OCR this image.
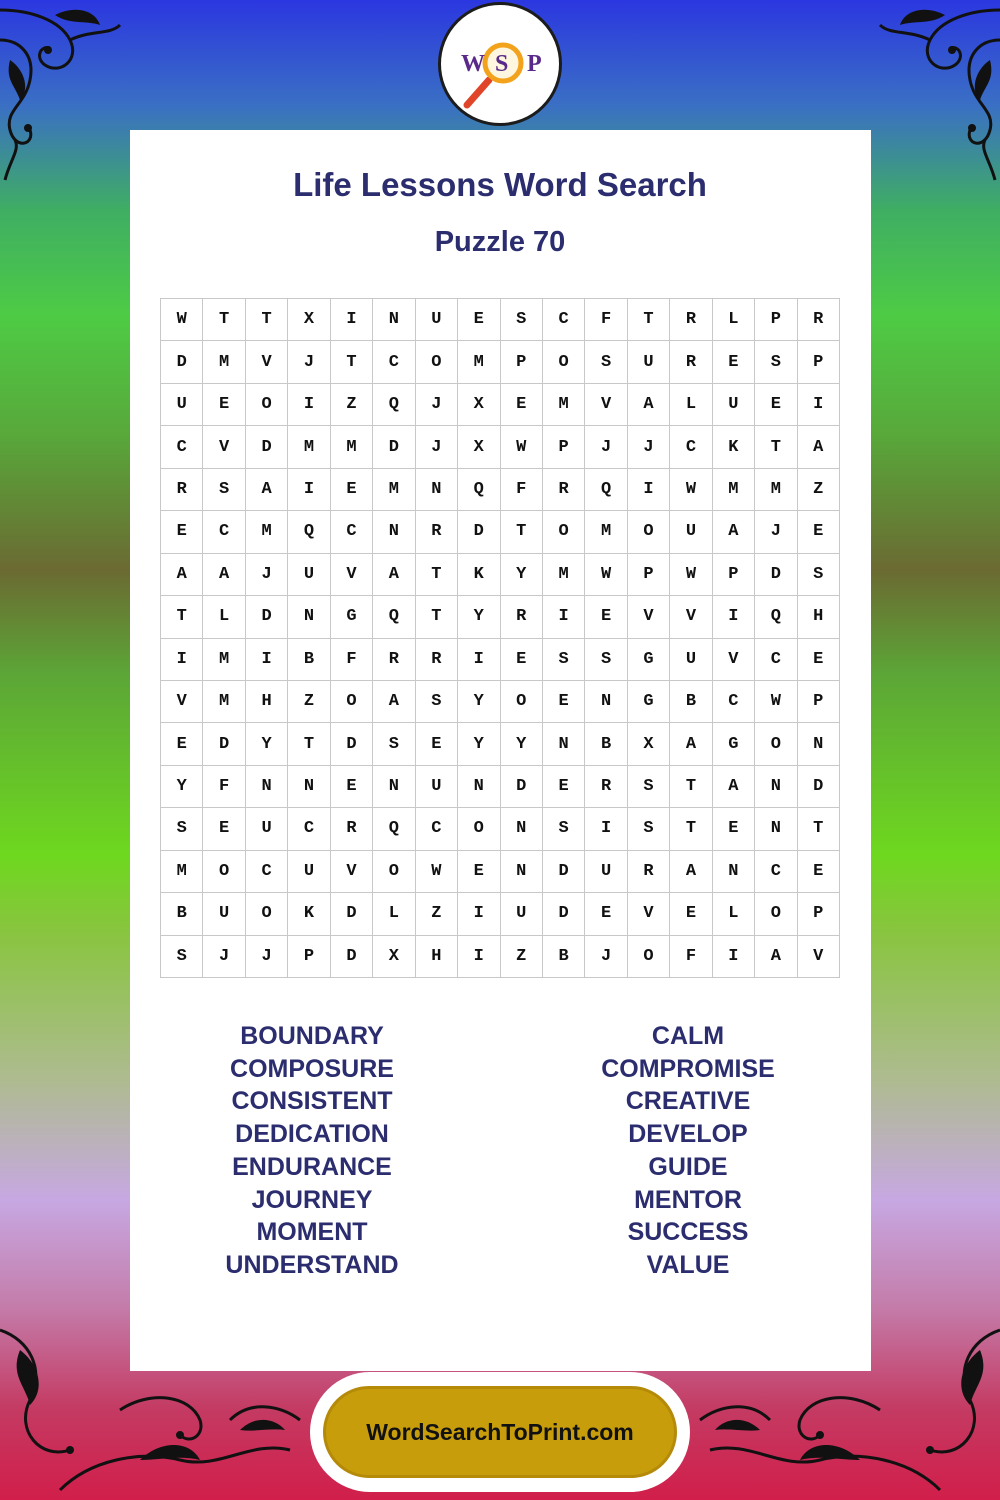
W S P
Life Lessons Word Search
Puzzle 70
W	T	T	X	I	N	U	E	S	C	F	T	R	L	P	R
D	M	V	J	T	C	O	M	P	O	S	U	R	E	S	P
U	E	O	I	Z	Q	J	X	E	M	V	A	L	U	E	I
C	V	D	M	M	D	J	X	W	P	J	J	C	K	T	A
R	S	A	I	E	M	N	Q	F	R	Q	I	W	M	M	Z
E	C	M	Q	C	N	R	D	T	O	M	O	U	A	J	E
A	A	J	U	V	A	T	K	Y	M	W	P	W	P	D	S
T	L	D	N	G	Q	T	Y	R	I	E	V	V	I	Q	H
I	M	I	B	F	R	R	I	E	S	S	G	U	V	C	E
V	M	H	Z	O	A	S	Y	O	E	N	G	B	C	W	P
E	D	Y	T	D	S	E	Y	Y	N	B	X	A	G	O	N
Y	F	N	N	E	N	U	N	D	E	R	S	T	A	N	D
S	E	U	C	R	Q	C	O	N	S	I	S	T	E	N	T
M	O	C	U	V	O	W	E	N	D	U	R	A	N	C	E
B	U	O	K	D	L	Z	I	U	D	E	V	E	L	O	P
S	J	J	P	D	X	H	I	Z	B	J	O	F	I	A	V
BOUNDARY
COMPOSURE
CONSISTENT
DEDICATION
ENDURANCE
JOURNEY
MOMENT
UNDERSTAND
CALM
COMPROMISE
CREATIVE
DEVELOP
GUIDE
MENTOR
SUCCESS
VALUE
WordSearchToPrint.com
